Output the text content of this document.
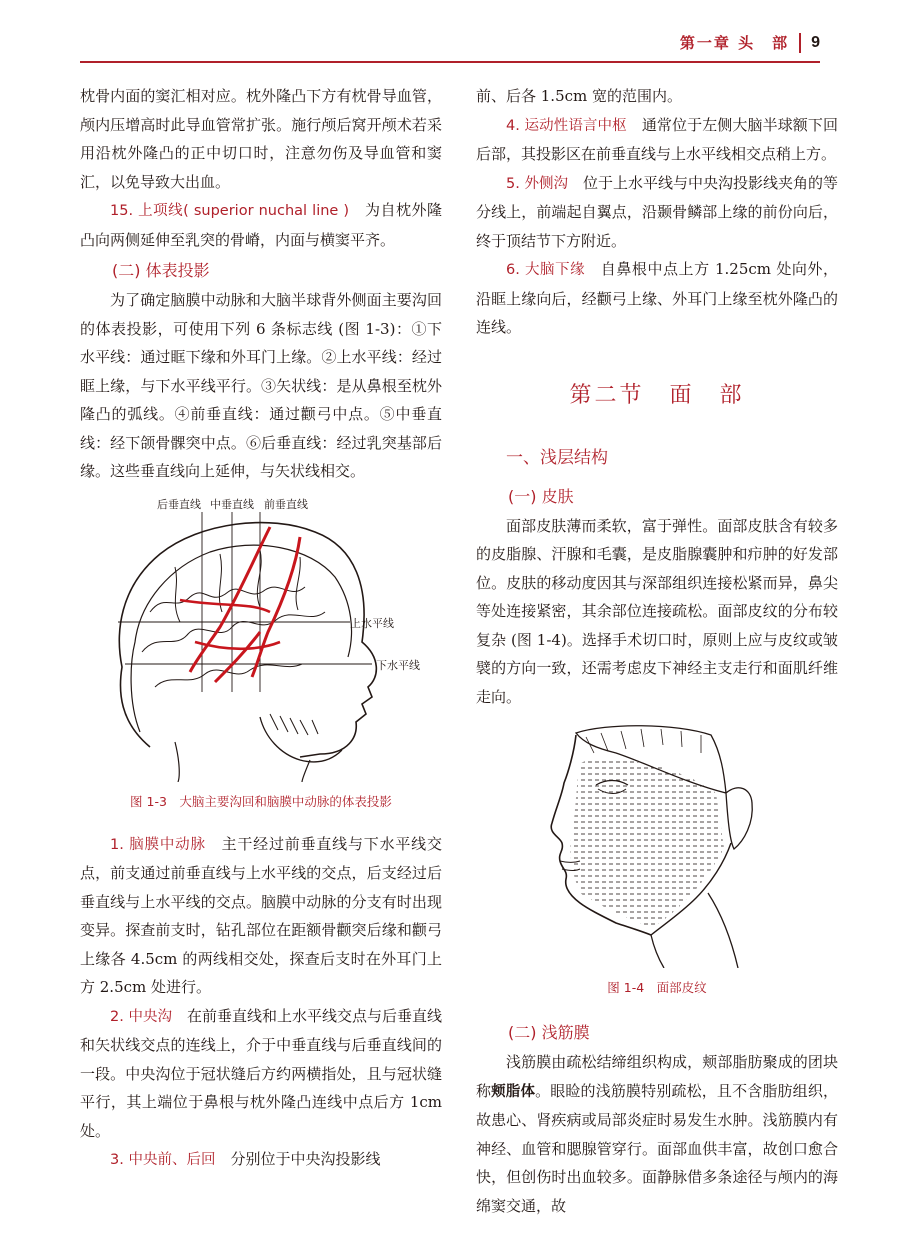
第一章 头　部 9

枕骨内面的窦汇相对应。枕外隆凸下方有枕骨导血管，颅内压增高时此导血管常扩张。施行颅后窝开颅术若采用沿枕外隆凸的正中切口时，注意勿伤及导血管和窦汇，以免导致大出血。

15. 上项线( superior nuchal line )　 为自枕外隆凸向两侧延伸至乳突的骨嵴，内面与横窦平齐。

(二) 体表投影

为了确定脑膜中动脉和大脑半球背外侧面主要沟回的体表投影，可使用下列 6 条标志线 (图 1-3)：①下水平线：通过眶下缘和外耳门上缘。②上水平线：经过眶上缘，与下水平线平行。③矢状线：是从鼻根至枕外隆凸的弧线。④前垂直线：通过颧弓中点。⑤中垂直线：经下颌骨髁突中点。⑥后垂直线：经过乳突基部后缘。这些垂直线向上延伸，与矢状线相交。

后垂直线 中垂直线 前垂直线
上水平线
下水平线
图 1-3　大脑主要沟回和脑膜中动脉的体表投影

1. 脑膜中动脉　 主干经过前垂直线与下水平线交点，前支通过前垂直线与上水平线的交点，后支经过后垂直线与上水平线的交点。脑膜中动脉的分支有时出现变异。探查前支时，钻孔部位在距额骨颧突后缘和颧弓上缘各 4.5cm 的两线相交处，探查后支时在外耳门上方 2.5cm 处进行。

2. 中央沟　 在前垂直线和上水平线交点与后垂直线和矢状线交点的连线上，介于中垂直线与后垂直线间的一段。中央沟位于冠状缝后方约两横指处，且与冠状缝平行，其上端位于鼻根与枕外隆凸连线中点后方 1cm 处。

3. 中央前、后回　 分别位于中央沟投影线

前、后各 1.5cm 宽的范围内。

4. 运动性语言中枢　 通常位于左侧大脑半球额下回后部，其投影区在前垂直线与上水平线相交点稍上方。

5. 外侧沟　 位于上水平线与中央沟投影线夹角的等分线上，前端起自翼点，沿颞骨鳞部上缘的前份向后，终于顶结节下方附近。

6. 大脑下缘　 自鼻根中点上方 1.25cm 处向外，沿眶上缘向后，经颧弓上缘、外耳门上缘至枕外隆凸的连线。

第二节　面　部
一、浅层结构
(一) 皮肤

面部皮肤薄而柔软，富于弹性。面部皮肤含有较多的皮脂腺、汗腺和毛囊，是皮脂腺囊肿和疖肿的好发部位。皮肤的移动度因其与深部组织连接松紧而异，鼻尖等处连接紧密，其余部位连接疏松。面部皮纹的分布较复杂 (图 1-4)。选择手术切口时，原则上应与皮纹或皱襞的方向一致，还需考虑皮下神经主支走行和面肌纤维走向。

图 1-4　面部皮纹
(二) 浅筋膜

浅筋膜由疏松结缔组织构成，颊部脂肪聚成的团块称颊脂体。眼睑的浅筋膜特别疏松，且不含脂肪组织，故患心、肾疾病或局部炎症时易发生水肿。浅筋膜内有神经、血管和腮腺管穿行。面部血供丰富，故创口愈合快，但创伤时出血较多。面静脉借多条途径与颅内的海绵窦交通，故
